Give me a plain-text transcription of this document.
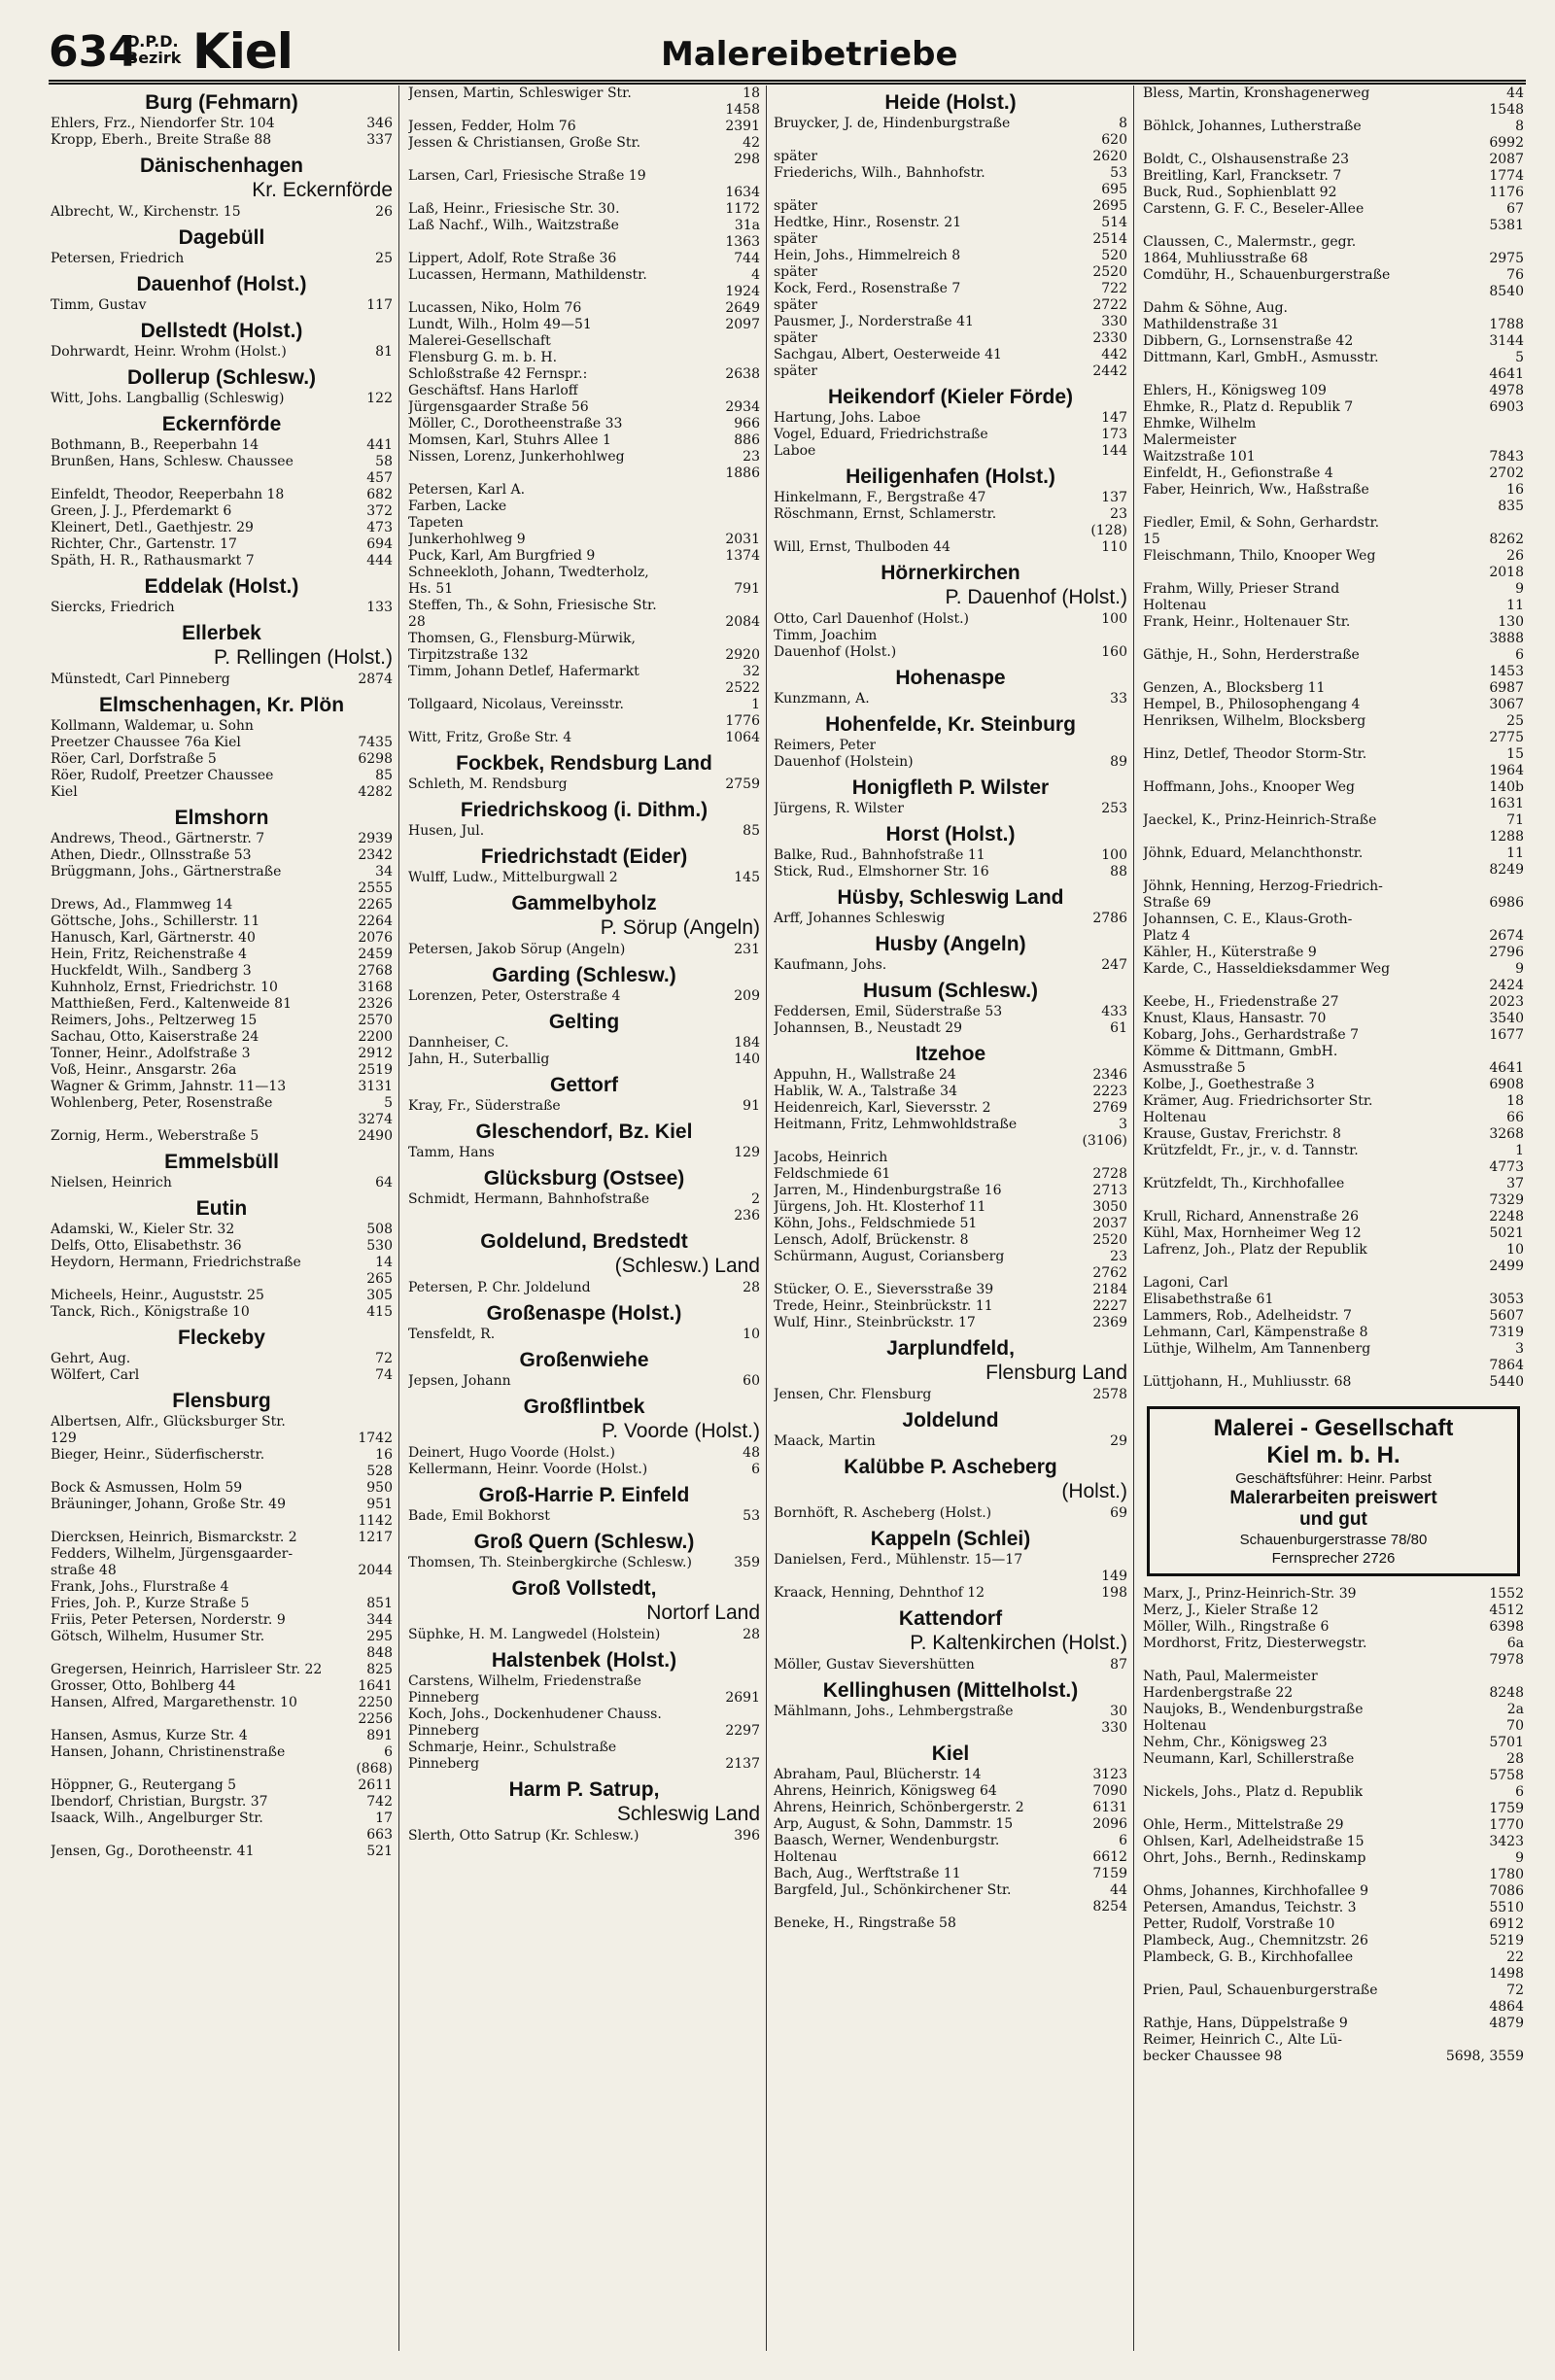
634
O.P.D.
Bezirk Kiel	Malereibetriebe
Burg (Fehmarn)
Ehlers, Frz., Niendorfer Str. 104	346
Kropp, Eberh., Breite Straße 88	337
Dänischenhagen
Kr. Eckernförde
Albrecht, W., Kirchenstr. 15	26
Dagebüll
Petersen, Friedrich	25
Dauenhof (Holst.)
Timm, Gustav	117
Dellstedt (Holst.)
Dohrwardt, Heinr. Wrohm (Holst.)	81
Dollerup (Schlesw.)
Witt, Johs. Langballig (Schleswig)	122
Eckernförde
Bothmann, B., Reeperbahn 14	441
Brunßen, Hans, Schlesw. Chaussee	58
457
Einfeldt, Theodor, Reeperbahn 18	682
Green, J. J., Pferdemarkt 6	372
Kleinert, Detl., Gaethjestr. 29	473
Richter, Chr., Gartenstr. 17	694
Späth, H. R., Rathausmarkt 7	444
Eddelak (Holst.)
Siercks, Friedrich	133
Ellerbek
P. Rellingen (Holst.)
Münstedt, Carl Pinneberg	2874
Elmschenhagen, Kr. Plön
Kollmann, Waldemar, u. Sohn
Preetzer Chaussee 76a Kiel	7435
Röer, Carl, Dorfstraße 5	6298
Röer, Rudolf, Preetzer Chaussee	85
Kiel	4282
Elmshorn
Andrews, Theod., Gärtnerstr. 7	2939
Athen, Diedr., Ollnsstraße 53	2342
Brüggmann, Johs., Gärtnerstraße	34
2555
Drews, Ad., Flammweg 14	2265
Göttsche, Johs., Schillerstr. 11	2264
Hanusch, Karl, Gärtnerstr. 40	2076
Hein, Fritz, Reichenstraße 4	2459
Huckfeldt, Wilh., Sandberg 3	2768
Kuhnholz, Ernst, Friedrichstr. 10	3168
Matthießen, Ferd., Kaltenweide 81	2326
Reimers, Johs., Peltzerweg 15	2570
Sachau, Otto, Kaiserstraße 24	2200
Tonner, Heinr., Adolfstraße 3	2912
Voß, Heinr., Ansgarstr. 26a	2519
Wagner & Grimm, Jahnstr. 11—13	3131
Wohlenberg, Peter, Rosenstraße	5
3274
Zornig, Herm., Weberstraße 5	2490
Emmelsbüll
Nielsen, Heinrich	64
Eutin
Adamski, W., Kieler Str. 32	508
Delfs, Otto, Elisabethstr. 36	530
Heydorn, Hermann, Friedrichstraße	14
265
Micheels, Heinr., Auguststr. 25	305
Tanck, Rich., Königstraße 10	415
Fleckeby
Gehrt, Aug.	72
Wölfert, Carl	74
Flensburg
Albertsen, Alfr., Glücksburger Str.
129	1742
Bieger, Heinr., Süderfischerstr.	16
528
Bock & Asmussen, Holm 59	950
Bräuninger, Johann, Große Str. 49	951
1142
Diercksen, Heinrich, Bismarckstr. 2	1217
Fedders, Wilhelm, Jürgensgaarder-
straße 48	2044
Frank, Johs., Flurstraße 4
Fries, Joh. P., Kurze Straße 5	851
Friis, Peter Petersen, Norderstr. 9	344
Götsch, Wilhelm, Husumer Str.	295
848
Gregersen, Heinrich, Harrisleer Str. 22	825
Grosser, Otto, Bohlberg 44	1641
Hansen, Alfred, Margarethenstr. 10	2250
2256
Hansen, Asmus, Kurze Str. 4	891
Hansen, Johann, Christinenstraße	6
(868)
Höppner, G., Reutergang 5	2611
Ibendorf, Christian, Burgstr. 37	742
Isaack, Wilh., Angelburger Str.	17
663
Jensen, Gg., Dorotheenstr. 41	521
Jensen, Martin, Schleswiger Str.	18
1458
Jessen, Fedder, Holm 76	2391
Jessen & Christiansen, Große Str.	42
298
Larsen, Carl, Friesische Straße 19
1634
Laß, Heinr., Friesische Str. 30.	1172
Laß Nachf., Wilh., Waitzstraße	31a
1363
Lippert, Adolf, Rote Straße 36	744
Lucassen, Hermann, Mathildenstr.	4
1924
Lucassen, Niko, Holm 76	2649
Lundt, Wilh., Holm 49—51	2097
Malerei-Gesellschaft
Flensburg G. m. b. H.
Schloßstraße 42 Fernspr.:	2638
Geschäftsf. Hans Harloff
Jürgensgaarder Straße 56	2934
Möller, C., Dorotheenstraße 33	966
Momsen, Karl, Stuhrs Allee 1	886
Nissen, Lorenz, Junkerhohlweg	23
1886
Petersen, Karl A.
Farben, Lacke
Tapeten
Junkerhohlweg 9	2031
Puck, Karl, Am Burgfried 9	1374
Schneekloth, Johann, Twedterholz,
Hs. 51	791
Steffen, Th., & Sohn, Friesische Str.
28	2084
Thomsen, G., Flensburg-Mürwik,
Tirpitzstraße 132	2920
Timm, Johann Detlef, Hafermarkt	32
2522
Tollgaard, Nicolaus, Vereinsstr.	1
1776
Witt, Fritz, Große Str. 4	1064
Fockbek, Rendsburg Land
Schleth, M. Rendsburg	2759
Friedrichskoog (i. Dithm.)
Husen, Jul.	85
Friedrichstadt (Eider)
Wulff, Ludw., Mittelburgwall 2	145
Gammelbyholz
P. Sörup (Angeln)
Petersen, Jakob Sörup (Angeln)	231
Garding (Schlesw.)
Lorenzen, Peter, Osterstraße 4	209
Gelting
Dannheiser, C.	184
Jahn, H., Suterballig	140
Gettorf
Kray, Fr., Süderstraße	91
Gleschendorf, Bz. Kiel
Tamm, Hans	129
Glücksburg (Ostsee)
Schmidt, Hermann, Bahnhofstraße	2
236
Goldelund, Bredstedt
(Schlesw.) Land
Petersen, P. Chr. Joldelund	28
Großenaspe (Holst.)
Tensfeldt, R.	10
Großenwiehe
Jepsen, Johann	60
Großflintbek
P. Voorde (Holst.)
Deinert, Hugo Voorde (Holst.)	48
Kellermann, Heinr. Voorde (Holst.)	6
Groß-Harrie P. Einfeld
Bade, Emil Bokhorst	53
Groß Quern (Schlesw.)
Thomsen, Th. Steinbergkirche (Schlesw.)	359
Groß Vollstedt,
Nortorf Land
Süphke, H. M. Langwedel (Holstein)	28
Halstenbek (Holst.)
Carstens, Wilhelm, Friedenstraße
Pinneberg	2691
Koch, Johs., Dockenhudener Chauss.
Pinneberg	2297
Schmarje, Heinr., Schulstraße
Pinneberg	2137
Harm P. Satrup,
Schleswig Land
Slerth, Otto Satrup (Kr. Schlesw.)	396
Heide (Holst.)
Bruycker, J. de, Hindenburgstraße	8
620
später	2620
Friederichs, Wilh., Bahnhofstr.	53
695
später	2695
Hedtke, Hinr., Rosenstr. 21	514
später	2514
Hein, Johs., Himmelreich 8	520
später	2520
Kock, Ferd., Rosenstraße 7	722
später	2722
Pausmer, J., Norderstraße 41	330
später	2330
Sachgau, Albert, Oesterweide 41	442
später	2442
Heikendorf (Kieler Förde)
Hartung, Johs. Laboe	147
Vogel, Eduard, Friedrichstraße	173
Laboe	144
Heiligenhafen (Holst.)
Hinkelmann, F., Bergstraße 47	137
Röschmann, Ernst, Schlamerstr.	23
(128)
Will, Ernst, Thulboden 44	110
Hörnerkirchen
P. Dauenhof (Holst.)
Otto, Carl Dauenhof (Holst.)	100
Timm, Joachim
Dauenhof (Holst.)	160
Hohenaspe
Kunzmann, A.	33
Hohenfelde, Kr. Steinburg
Reimers, Peter
Dauenhof (Holstein)	89
Honigfleth P. Wilster
Jürgens, R. Wilster	253
Horst (Holst.)
Balke, Rud., Bahnhofstraße 11	100
Stick, Rud., Elmshorner Str. 16	88
Hüsby, Schleswig Land
Arff, Johannes Schleswig	2786
Husby (Angeln)
Kaufmann, Johs.	247
Husum (Schlesw.)
Feddersen, Emil, Süderstraße 53	433
Johannsen, B., Neustadt 29	61
Itzehoe
Appuhn, H., Wallstraße 24	2346
Hablik, W. A., Talstraße 34	2223
Heidenreich, Karl, Sieversstr. 2	2769
Heitmann, Fritz, Lehmwohldstraße	3
(3106)
Jacobs, Heinrich
Feldschmiede 61	2728
Jarren, M., Hindenburgstraße 16	2713
Jürgens, Joh. Ht. Klosterhof 11	3050
Köhn, Johs., Feldschmiede 51	2037
Lensch, Adolf, Brückenstr. 8	2520
Schürmann, August, Coriansberg	23
2762
Stücker, O. E., Sieversstraße 39	2184
Trede, Heinr., Steinbrückstr. 11	2227
Wulf, Hinr., Steinbrückstr. 17	2369
Jarplundfeld,
Flensburg Land
Jensen, Chr. Flensburg	2578
Joldelund
Maack, Martin	29
Kalübbe P. Ascheberg
(Holst.)
Bornhöft, R. Ascheberg (Holst.)	69
Kappeln (Schlei)
Danielsen, Ferd., Mühlenstr. 15—17
149
Kraack, Henning, Dehnthof 12	198
Kattendorf
P. Kaltenkirchen (Holst.)
Möller, Gustav Sievershütten	87
Kellinghusen (Mittelholst.)
Mählmann, Johs., Lehmbergstraße	30
330
Kiel
Abraham, Paul, Blücherstr. 14	3123
Ahrens, Heinrich, Königsweg 64	7090
Ahrens, Heinrich, Schönbergerstr. 2	6131
Arp, August, & Sohn, Dammstr. 15	2096
Baasch, Werner, Wendenburgstr.	6
Holtenau	6612
Bach, Aug., Werftstraße 11	7159
Bargfeld, Jul., Schönkirchener Str.	44
8254
Beneke, H., Ringstraße 58
Bless, Martin, Kronshagenerweg	44
1548
Böhlck, Johannes, Lutherstraße	8
6992
Boldt, C., Olshausenstraße 23	2087
Breitling, Karl, Francksetr. 7	1774
Buck, Rud., Sophienblatt 92	1176
Carstenn, G. F. C., Beseler-Allee	67
5381
Claussen, C., Malermstr., gegr.
1864, Muhliusstraße 68	2975
Comdühr, H., Schauenburgerstraße	76
8540
Dahm & Söhne, Aug.
Mathildenstraße 31	1788
Dibbern, G., Lornsenstraße 42	3144
Dittmann, Karl, GmbH., Asmusstr.	5
4641
Ehlers, H., Königsweg 109	4978
Ehmke, R., Platz d. Republik 7	6903
Ehmke, Wilhelm
Malermeister
Waitzstraße 101	7843
Einfeldt, H., Gefionstraße 4	2702
Faber, Heinrich, Ww., Haßstraße	16
835
Fiedler, Emil, & Sohn, Gerhardstr.
15	8262
Fleischmann, Thilo, Knooper Weg	26
2018
Frahm, Willy, Prieser Strand	9
Holtenau	11
Frank, Heinr., Holtenauer Str.	130
3888
Gäthje, H., Sohn, Herderstraße	6
1453
Genzen, A., Blocksberg 11	6987
Hempel, B., Philosophengang 4	3067
Henriksen, Wilhelm, Blocksberg	25
2775
Hinz, Detlef, Theodor Storm-Str.	15
1964
Hoffmann, Johs., Knooper Weg	140b
1631
Jaeckel, K., Prinz-Heinrich-Straße	71
1288
Jöhnk, Eduard, Melanchthonstr.	11
8249
Jöhnk, Henning, Herzog-Friedrich-
Straße 69	6986
Johannsen, C. E., Klaus-Groth-
Platz 4	2674
Kähler, H., Küterstraße 9	2796
Karde, C., Hasseldieksdammer Weg	9
2424
Keebe, H., Friedenstraße 27	2023
Knust, Klaus, Hansastr. 70	3540
Kobarg, Johs., Gerhardstraße 7	1677
Kömme & Dittmann, GmbH.
Asmusstraße 5	4641
Kolbe, J., Goethestraße 3	6908
Krämer, Aug. Friedrichsorter Str.	18
Holtenau	66
Krause, Gustav, Frerichstr. 8	3268
Krützfeldt, Fr., jr., v. d. Tannstr.	1
4773
Krützfeldt, Th., Kirchhofallee	37
7329
Krull, Richard, Annenstraße 26	2248
Kühl, Max, Hornheimer Weg 12	5021
Lafrenz, Joh., Platz der Republik	10
2499
Lagoni, Carl
Elisabethstraße 61	3053
Lammers, Rob., Adelheidstr. 7	5607
Lehmann, Carl, Kämpenstraße 8	7319
Lüthje, Wilhelm, Am Tannenberg	3
7864
Lüttjohann, H., Muhliusstr. 68	5440
Malerei - Gesellschaft
Kiel m. b. H.
Geschäftsführer: Heinr. Parbst
Malerarbeiten preiswert
und gut
Schauenburgerstrasse 78/80
Fernsprecher 2726
Marx, J., Prinz-Heinrich-Str. 39	1552
Merz, J., Kieler Straße 12	4512
Möller, Wilh., Ringstraße 6	6398
Mordhorst, Fritz, Diesterwegstr.	6a
7978
Nath, Paul, Malermeister
Hardenbergstraße 22	8248
Naujoks, B., Wendenburgstraße	2a
Holtenau	70
Nehm, Chr., Königsweg 23	5701
Neumann, Karl, Schillerstraße	28
5758
Nickels, Johs., Platz d. Republik	6
1759
Ohle, Herm., Mittelstraße 29	1770
Ohlsen, Karl, Adelheidstraße 15	3423
Ohrt, Johs., Bernh., Redinskamp	9
1780
Ohms, Johannes, Kirchhofallee 9	7086
Petersen, Amandus, Teichstr. 3	5510
Petter, Rudolf, Vorstraße 10	6912
Plambeck, Aug., Chemnitzstr. 26	5219
Plambeck, G. B., Kirchhofallee	22
1498
Prien, Paul, Schauenburgerstraße	72
4864
Rathje, Hans, Düppelstraße 9	4879
Reimer, Heinrich C., Alte Lü-
becker Chaussee 98	5698, 3559
